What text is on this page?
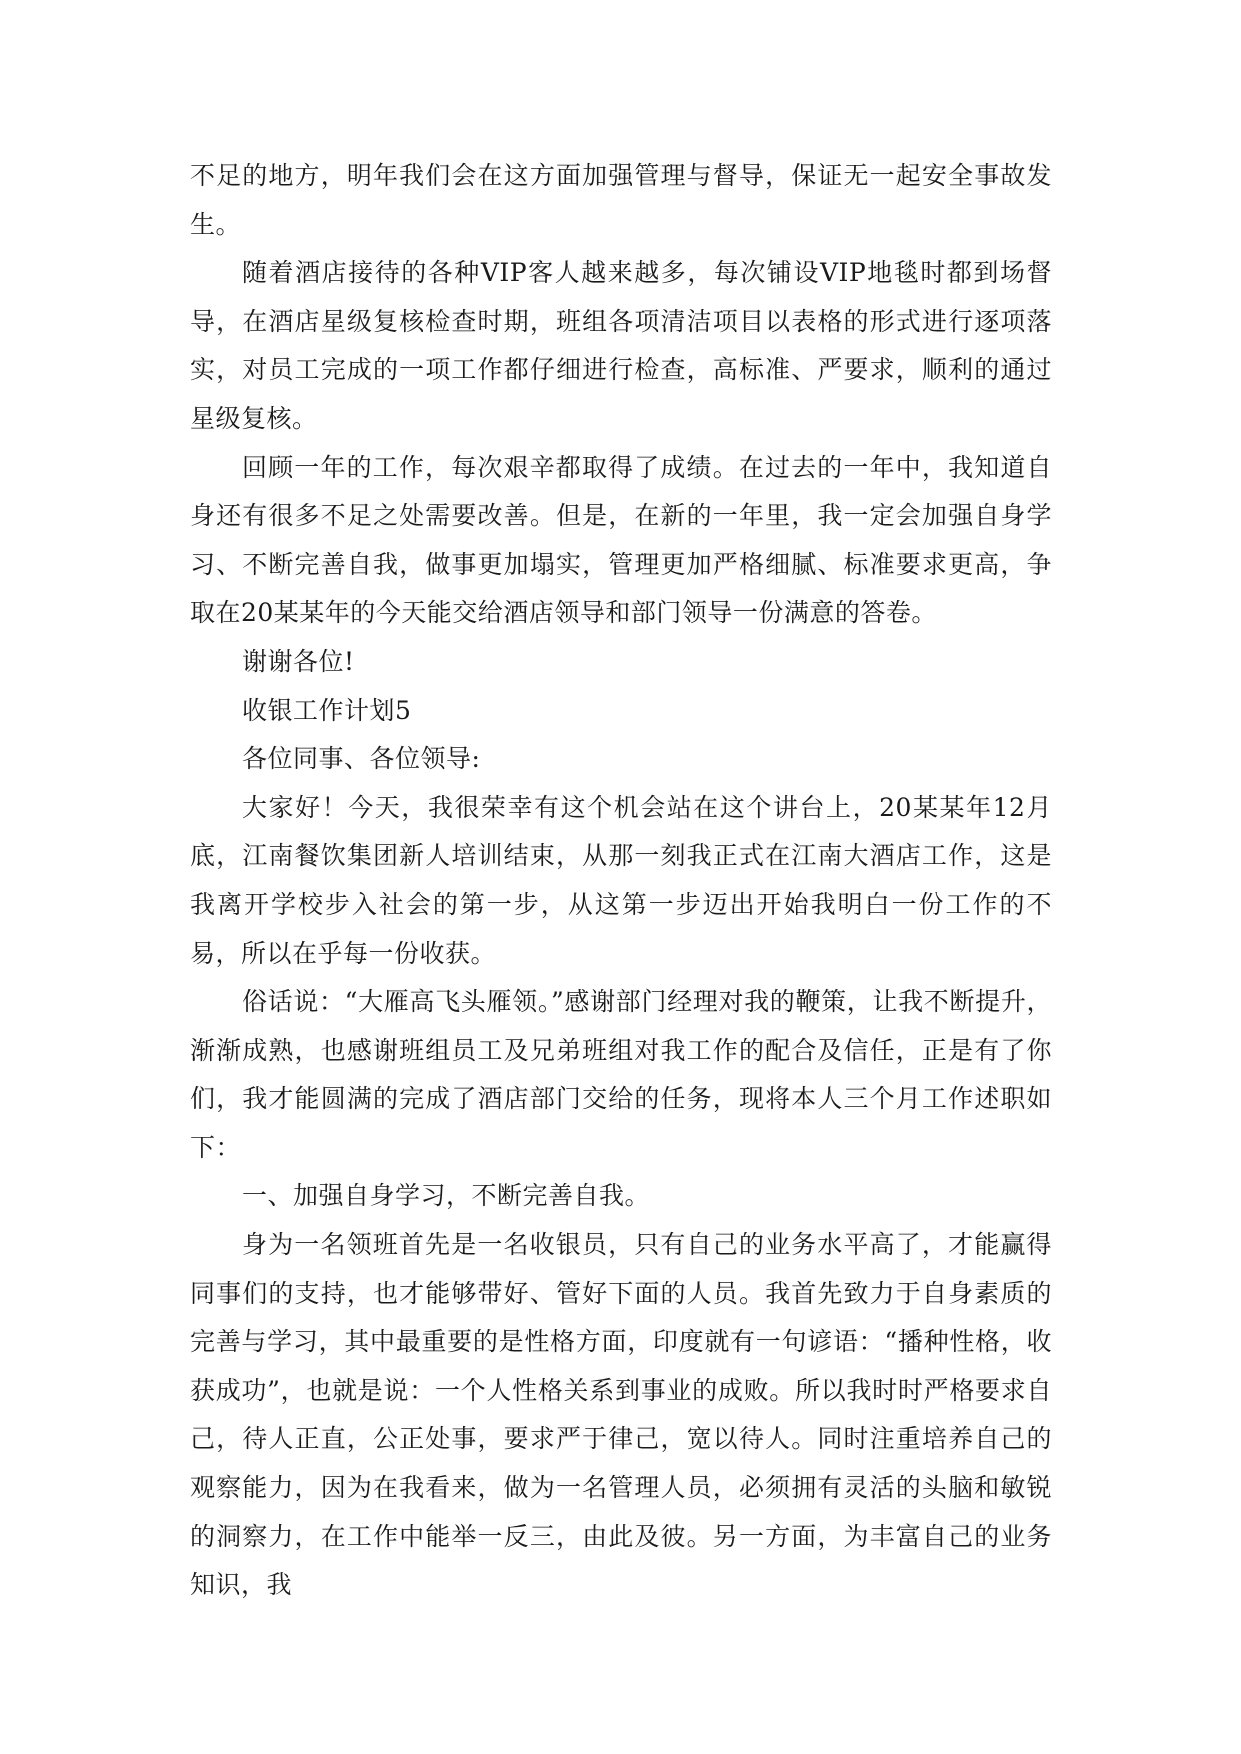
不足的地方，明年我们会在这方面加强管理与督导，保证无一起安全事故发生。

随着酒店接待的各种VIP客人越来越多，每次铺设VIP地毯时都到场督导，在酒店星级复核检查时期，班组各项清洁项目以表格的形式进行逐项落实，对员工完成的一项工作都仔细进行检查，高标准、严要求，顺利的通过星级复核。

回顾一年的工作，每次艰辛都取得了成绩。在过去的一年中，我知道自身还有很多不足之处需要改善。但是，在新的一年里，我一定会加强自身学习、不断完善自我，做事更加塌实，管理更加严格细腻、标准要求更高，争取在20某某年的今天能交给酒店领导和部门领导一份满意的答卷。

谢谢各位!

收银工作计划5

各位同事、各位领导:

大家好！今天，我很荣幸有这个机会站在这个讲台上，20某某年12月底，江南餐饮集团新人培训结束，从那一刻我正式在江南大酒店工作，这是我离开学校步入社会的第一步，从这第一步迈出开始我明白一份工作的不易，所以在乎每一份收获。

俗话说：“大雁高飞头雁领。”感谢部门经理对我的鞭策，让我不断提升，渐渐成熟，也感谢班组员工及兄弟班组对我工作的配合及信任，正是有了你们，我才能圆满的完成了酒店部门交给的任务，现将本人三个月工作述职如下：

一、加强自身学习，不断完善自我。

身为一名领班首先是一名收银员，只有自己的业务水平高了，才能赢得同事们的支持，也才能够带好、管好下面的人员。我首先致力于自身素质的完善与学习，其中最重要的是性格方面，印度就有一句谚语：“播种性格，收获成功”，也就是说：一个人性格关系到事业的成败。所以我时时严格要求自己，待人正直，公正处事，要求严于律己，宽以待人。同时注重培养自己的观察能力，因为在我看来，做为一名管理人员，必须拥有灵活的头脑和敏锐的洞察力，在工作中能举一反三，由此及彼。另一方面，为丰富自己的业务知识，我
